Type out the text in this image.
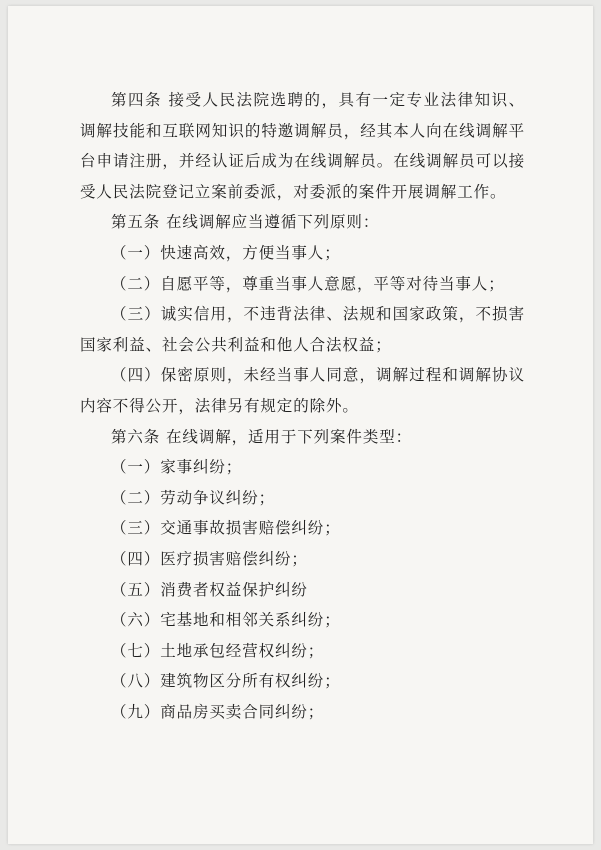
第四条 接受人民法院选聘的，具有一定专业法律知识、调解技能和互联网知识的特邀调解员，经其本人向在线调解平台申请注册，并经认证后成为在线调解员。在线调解员可以接受人民法院登记立案前委派，对委派的案件开展调解工作。

第五条 在线调解应当遵循下列原则：

（一）快速高效，方便当事人；

（二）自愿平等，尊重当事人意愿，平等对待当事人；

（三）诚实信用，不违背法律、法规和国家政策，不损害国家利益、社会公共利益和他人合法权益；

（四）保密原则，未经当事人同意，调解过程和调解协议内容不得公开，法律另有规定的除外。

第六条 在线调解，适用于下列案件类型：

（一）家事纠纷；

（二）劳动争议纠纷；

（三）交通事故损害赔偿纠纷；

（四）医疗损害赔偿纠纷；

（五）消费者权益保护纠纷

（六）宅基地和相邻关系纠纷；

（七）土地承包经营权纠纷；

（八）建筑物区分所有权纠纷；

（九）商品房买卖合同纠纷；
